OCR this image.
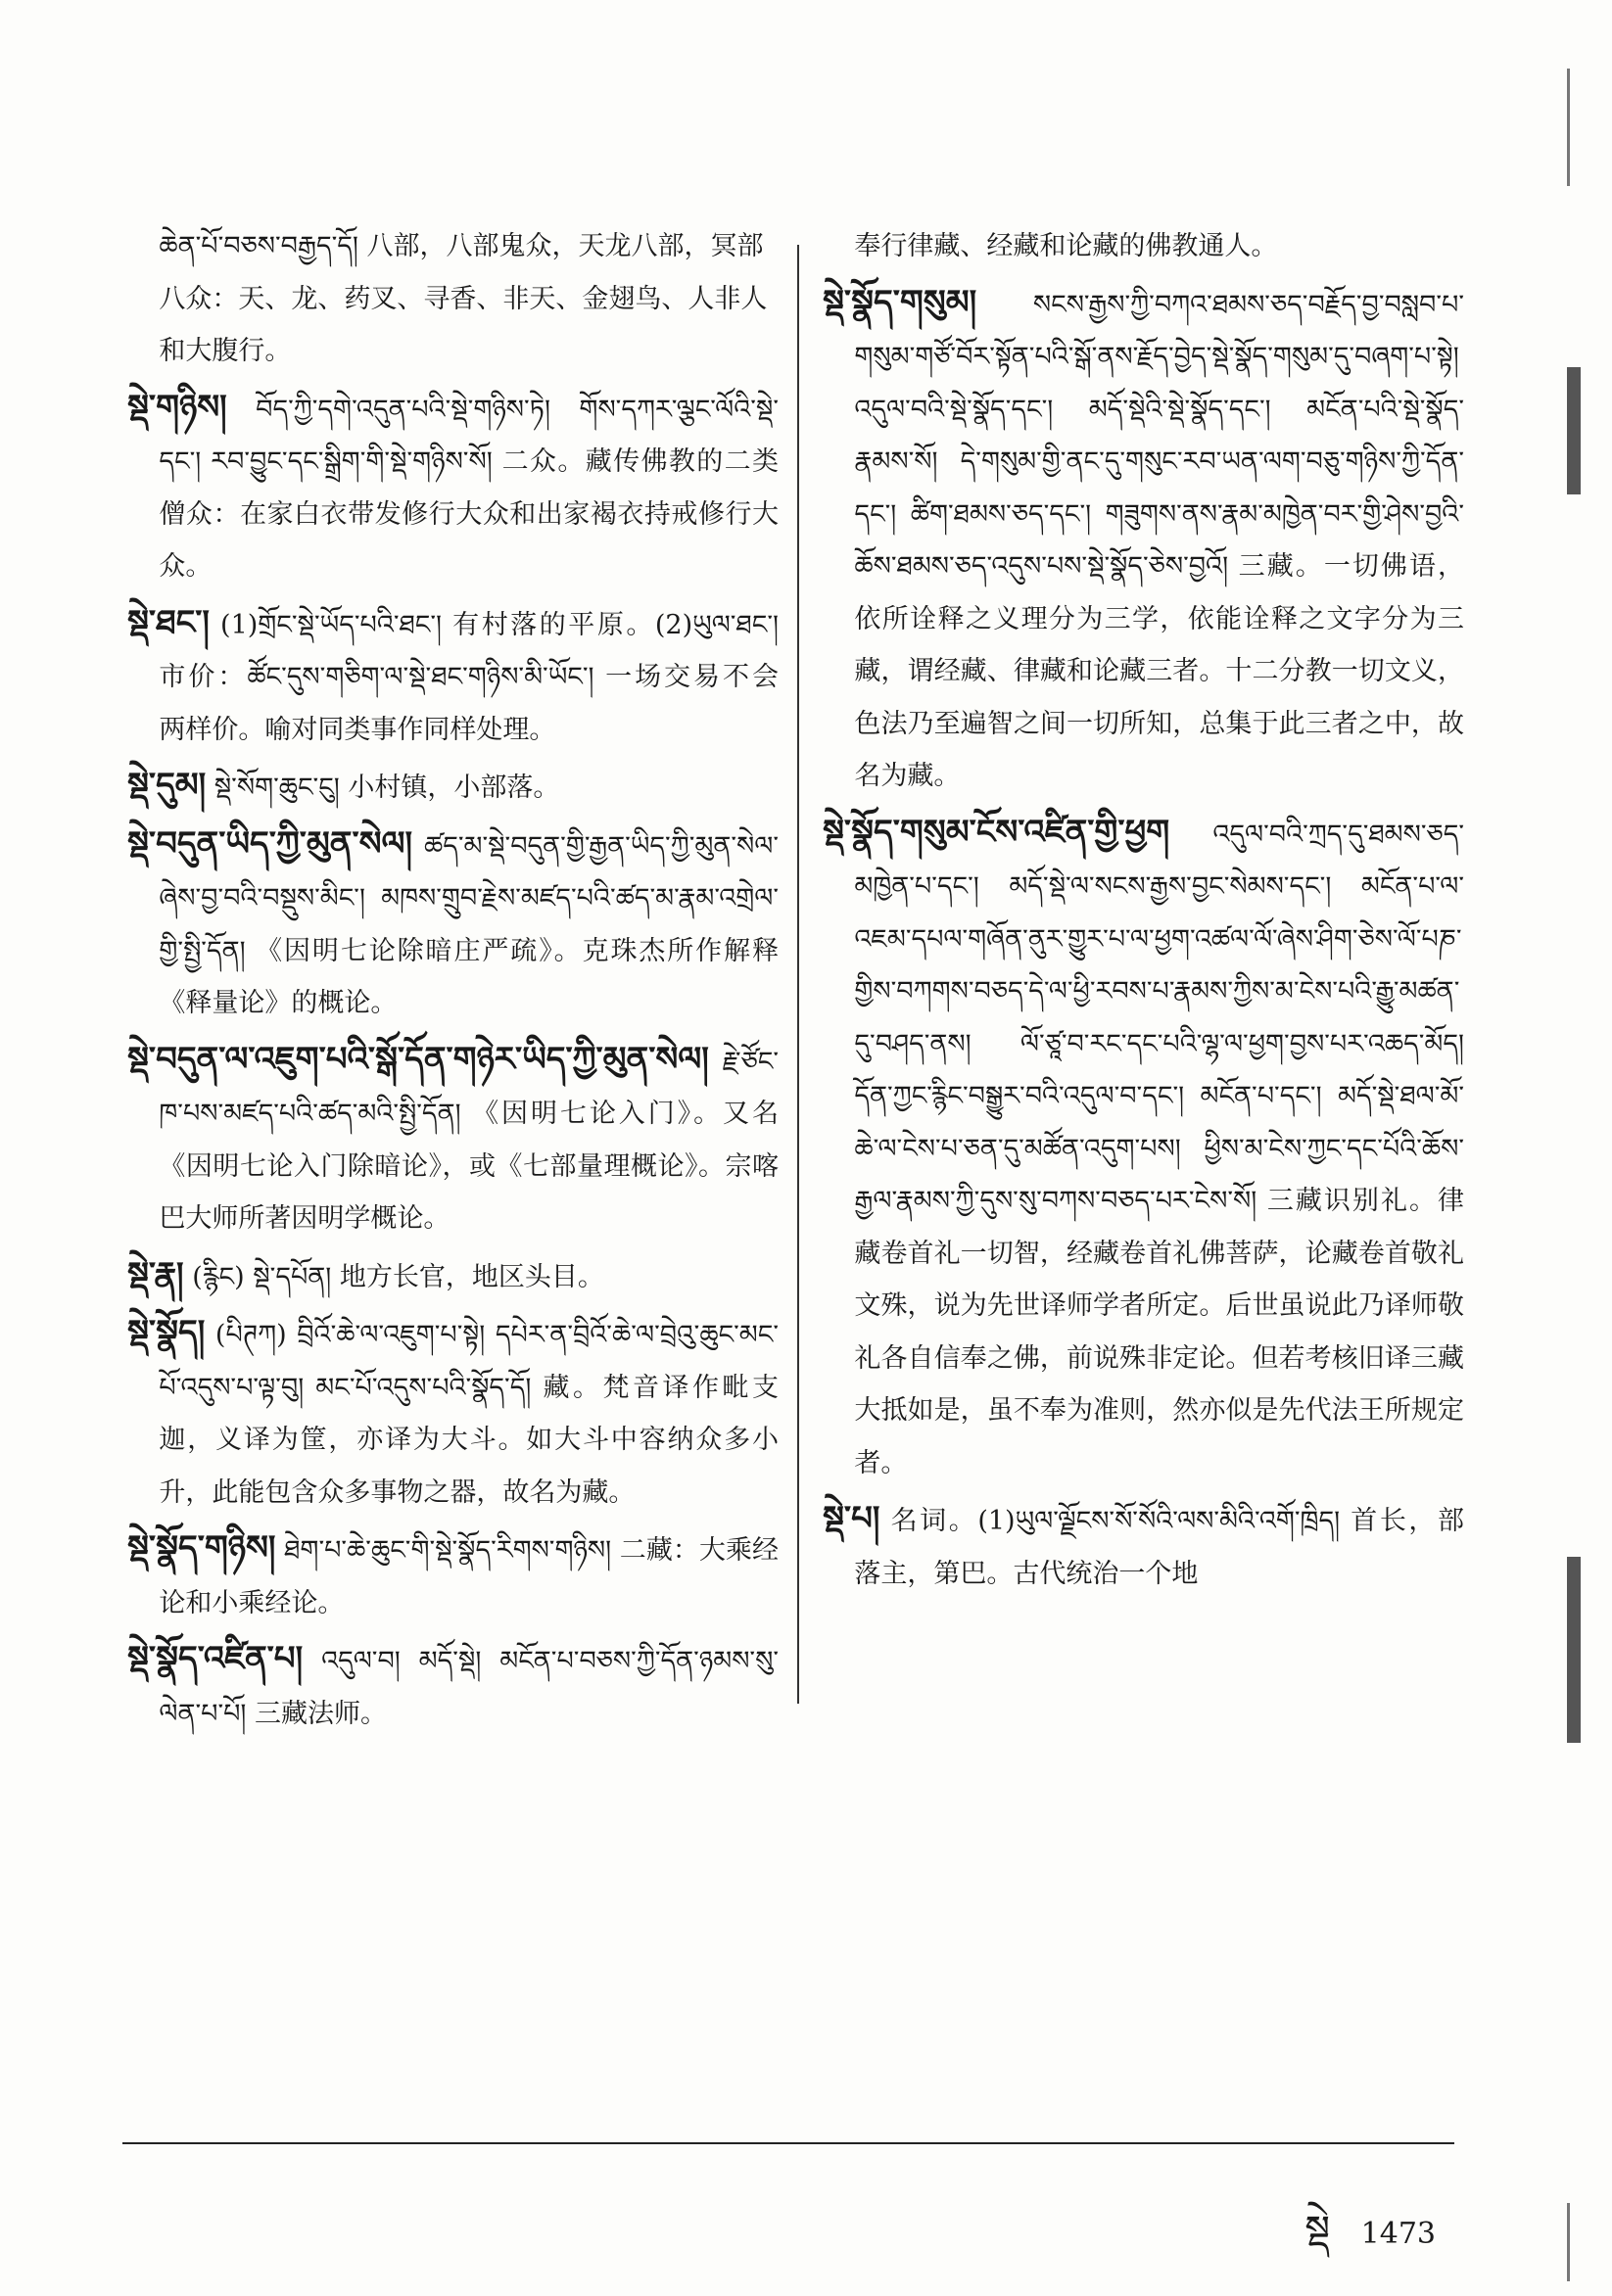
ཆེན་པོ་བཅས་བརྒྱད་དོ། 八部，八部鬼众，天龙八部，冥部八众：天、龙、药叉、寻香、非天、金翅鸟、人非人和大腹行。

སྡེ་གཉིས། བོད་ཀྱི་དགེ་འདུན་པའི་སྡེ་གཉིས་ཏེ། གོས་དཀར་ལྕང་ལོའི་སྡེ་དང་། རབ་བྱུང་དང་སྒྲིག་གི་སྡེ་གཉིས་སོ། 二众。藏传佛教的二类僧众：在家白衣带发修行大众和出家褐衣持戒修行大众。

སྡེ་ཐང་། (1)གྲོང་སྡེ་ཡོད་པའི་ཐང་། 有村落的平原。(2)ཡུལ་ཐང་། 市价：ཚོང་དུས་གཅིག་ལ་སྡེ་ཐང་གཉིས་མི་ཡོང་། 一场交易不会两样价。喻对同类事作同样处理。

སྡེ་དུམ། སྡེ་སོག་ཆུང་ངུ། 小村镇，小部落。

སྡེ་བདུན་ཡིད་ཀྱི་མུན་སེལ། ཚད་མ་སྡེ་བདུན་གྱི་རྒྱན་ཡིད་ཀྱི་མུན་སེལ་ཞེས་བྱ་བའི་བསྡུས་མིང་། མཁས་གྲུབ་རྗེས་མཛད་པའི་ཚད་མ་རྣམ་འགྲེལ་གྱི་སྤྱི་དོན། 《因明七论除暗庄严疏》。克珠杰所作解释《释量论》的概论。

སྡེ་བདུན་ལ་འཇུག་པའི་སྒོ་དོན་གཉེར་ཡིད་ཀྱི་མུན་སེལ། རྗེ་ཙོང་ཁ་པས་མཛད་པའི་ཚད་མའི་སྤྱི་དོན། 《因明七论入门》。又名《因明七论入门除暗论》，或《七部量理概论》。宗喀巴大师所著因明学概论。

སྡེ་རྣ། (རྙིང) སྡེ་དཔོན། 地方长官，地区头目。

སྡེ་སྣོད། (པིཊཀ) བྲིའོ་ཆེ་ལ་འཇུག་པ་སྟེ། དཔེར་ན་བྲིའོ་ཆེ་ལ་བྲེའུ་ཆུང་མང་པོ་འདུས་པ་ལྟ་བུ། མང་པོ་འདུས་པའི་སྣོད་དོ། 藏。梵音译作毗支迦，义译为筐，亦译为大斗。如大斗中容纳众多小升，此能包含众多事物之器，故名为藏。

སྡེ་སྣོད་གཉིས། ཐེག་པ་ཆེ་ཆུང་གི་སྡེ་སྣོད་རིགས་གཉིས། 二藏：大乘经论和小乘经论。

སྡེ་སྣོད་འཛིན་པ། འདུལ་བ། མདོ་སྡེ། མངོན་པ་བཅས་ཀྱི་དོན་ཉམས་སུ་ལེན་པ་པོ། 三藏法师。

奉行律藏、经藏和论藏的佛教通人。

སྡེ་སྣོད་གསུམ། སངས་རྒྱས་ཀྱི་བཀའ་ཐམས་ཅད་བརྗོད་བྱ་བསླབ་པ་གསུམ་གཙོ་བོར་སྟོན་པའི་སྒོ་ནས་རྗོད་བྱེད་སྡེ་སྣོད་གསུམ་དུ་བཞག་པ་སྟེ། འདུལ་བའི་སྡེ་སྣོད་དང་། མདོ་སྡེའི་སྡེ་སྣོད་དང་། མངོན་པའི་སྡེ་སྣོད་རྣམས་སོ། དེ་གསུམ་གྱི་ནང་དུ་གསུང་རབ་ཡན་ལག་བཅུ་གཉིས་ཀྱི་དོན་དང་། ཚིག་ཐམས་ཅད་དང་། གཟུགས་ནས་རྣམ་མཁྱེན་བར་གྱི་ཤེས་བྱའི་ཆོས་ཐམས་ཅད་འདུས་པས་སྡེ་སྣོད་ཅེས་བྱའོ། 三藏。一切佛语，依所诠释之义理分为三学，依能诠释之文字分为三藏，谓经藏、律藏和论藏三者。十二分教一切文义，色法乃至遍智之间一切所知，总集于此三者之中，故名为藏。

སྡེ་སྣོད་གསུམ་ངོས་འཛིན་གྱི་ཕྱག འདུལ་བའི་ཀྲད་དུ་ཐམས་ཅད་མཁྱེན་པ་དང་། མདོ་སྡེ་ལ་སངས་རྒྱས་བྱང་སེམས་དང་། མངོན་པ་ལ་འཇམ་དཔལ་གཞོན་ནུར་གྱུར་པ་ལ་ཕྱག་འཚལ་ལོ་ཞེས་ཤིག་ཅེས་ལོ་པཎ་གྱིས་བཀགས་བཅད་དེ་ལ་ཕྱི་རབས་པ་རྣམས་ཀྱིས་མ་ངེས་པའི་རྒྱུ་མཚན་དུ་བཤད་ནས། ལོ་ཙཱ་བ་རང་དང་པའི་ལྷ་ལ་ཕྱག་བྱས་པར་འཆད་མོད། དོན་ཀྱང་རྙིང་བསྒྱུར་བའི་འདུལ་བ་དང་། མངོན་པ་དང་། མདོ་སྡེ་ཐལ་མོ་ཆེ་ལ་ངེས་པ་ཅན་དུ་མཚོན་འདུག་པས། ཕྱིས་མ་ངེས་ཀྱང་དང་པོའི་ཆོས་རྒྱལ་རྣམས་ཀྱི་དུས་སུ་བཀས་བཅད་པར་ངེས་སོ། 三藏识别礼。律藏卷首礼一切智，经藏卷首礼佛菩萨，论藏卷首敬礼文殊，说为先世译师学者所定。后世虽说此乃译师敬礼各自信奉之佛，前说殊非定论。但若考核旧译三藏大抵如是，虽不奉为准则，然亦似是先代法王所规定者。

སྡེ་པ། 名词。(1)ཡུལ་ལྗོངས་སོ་སོའི་ལས་མིའི་འགོ་ཁྲིད། 首长，部落主，第巴。古代统治一个地

སྡེ 1473
